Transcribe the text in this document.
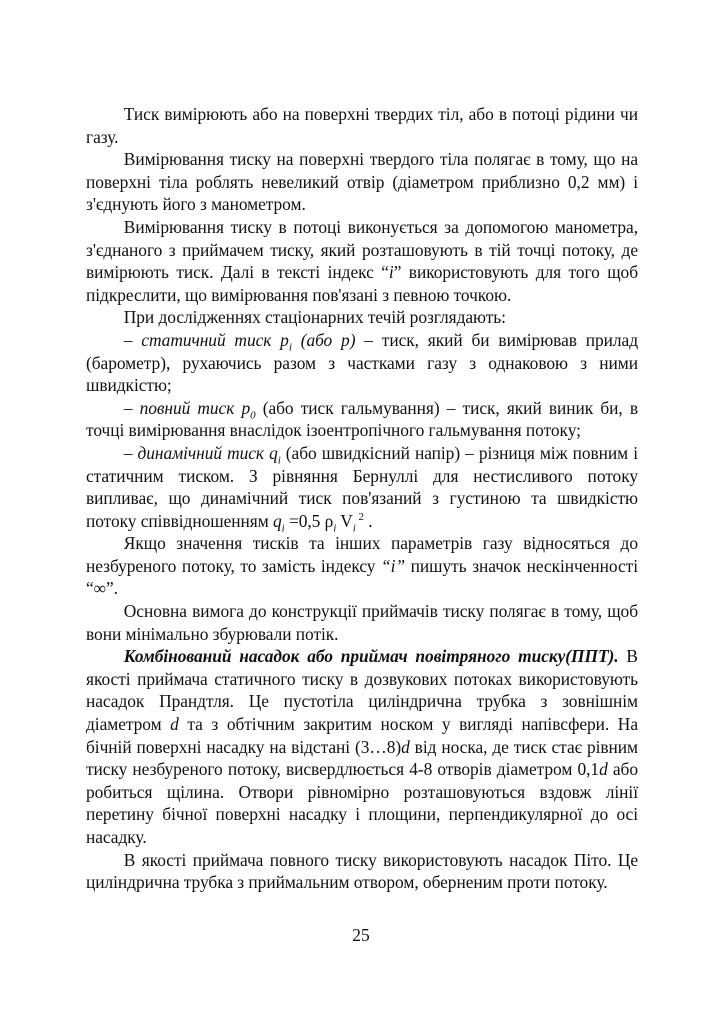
Тиск вимірюють або на поверхні твердих тіл, або в потоці рідини чи газу.

Вимірювання тиску на поверхні твердого тіла полягає в тому, що на поверхні тіла роблять невеликий отвір (діаметром приблизно 0,2 мм) і з'єднують його з манометром.

Вимірювання тиску в потоці виконується за допомогою манометра, з'єднаного з приймачем тиску, який розташовують в тій точці потоку, де вимірюють тиск. Далі в тексті індекс “i” використовують для того щоб підкреслити, що вимірювання пов'язані з певною точкою.

При дослідженнях стаціонарних течій розглядають:

– статичний тиск $p_i$ (або p) – тиск, який би вимірював прилад (барометр), рухаючись разом з частками газу з однаковою з ними швидкістю;

– повний тиск $p_0$ (або тиск гальмування) – тиск, який виник би, в точці вимірювання внаслідок ізоентропічного гальмування потоку;

– динамічний тиск $q_i$ (або швидкісний напір) – різниця між повним і статичним тиском. З рівняння Бернуллі для нестисливого потоку випливає, що динамічний тиск пов'язаний з густиною та швидкістю потоку співвідношенням $q_i =0,5$ $\rho_i$ $V_i$ $^2$ .

Якщо значення тисків та інших параметрів газу відносяться до незбуреного потоку, то замість індексу “i” пишуть значок нескінченності “∞”.

Основна вимога до конструкції приймачів тиску полягає в тому, щоб вони мінімально збурювали потік.

Комбінований насадок або приймач повітряного тиску(ППТ). В якості приймача статичного тиску в дозвукових потоках використовують насадок Прандтля. Це пустотіла циліндрична трубка з зовнішнім діаметром d та з обтічним закритим носком у вигляді напівсфери. На бічній поверхні насадку на відстані (3…8)d від носка, де тиск стає рівним тиску незбуреного потоку, висвердлюється 4-8 отворів діаметром 0,1d або робиться щілина. Отвори рівномірно розташовуються вздовж лінії перетину бічної поверхні насадку і площини, перпендикулярної до осі насадку.

В якості приймача повного тиску використовують насадок Піто. Це циліндрична трубка з приймальним отвором, оберненим проти потоку.

25
